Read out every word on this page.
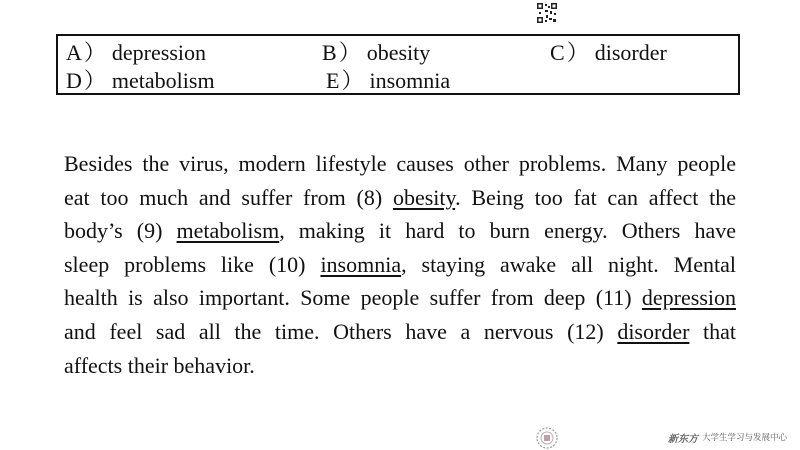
A） depression	B） obesity	C） disorder
D） metabolism	E） insomnia
Besides the virus, modern lifestyle causes other problems. Many people
eat too much and suffer from (8) obesity. Being too fat can affect the
body’s (9) metabolism, making it hard to burn energy. Others have
sleep problems like (10) insomnia, staying awake all night. Mental
health is also important. Some people suffer from deep (11) depression
and feel sad all the time. Others have a nervous (12) disorder that
affects their behavior.
新东方 大学生学习与发展中心
